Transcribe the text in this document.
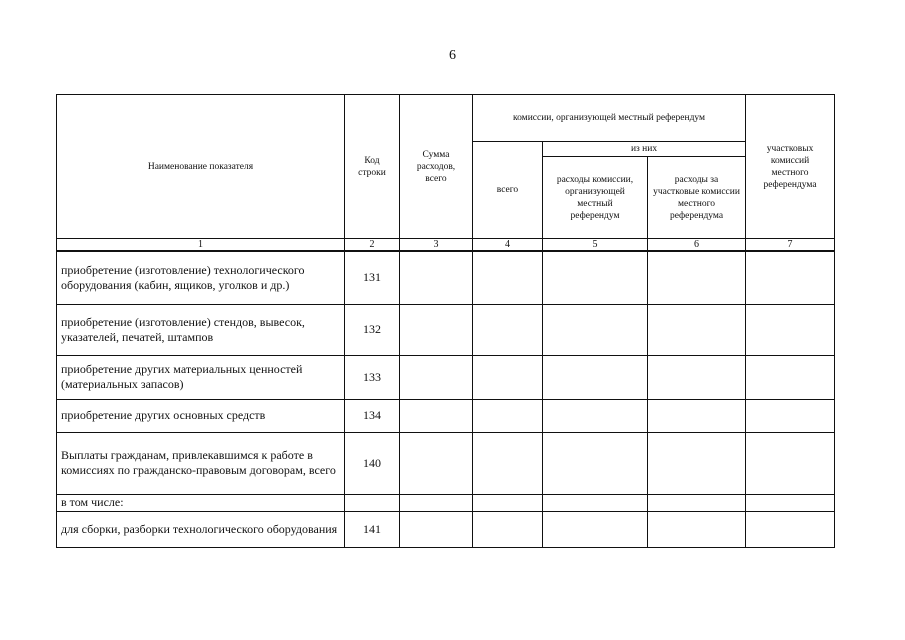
6
Наименование показателя	Код строки	Сумма расходов, всего	комиссии, организующей местный референдум			участковых комиссий местного референдума
			всего	из них		
				расходы комиссии, организующей местный референдум	расходы за участковые комиссии местного референдума	
1	2	3	4	5	6	7
приобретение (изготовление) технологического оборудования (кабин, ящиков, уголков и др.)	131					
приобретение (изготовление) стендов, вывесок, указателей, печатей, штампов	132					
приобретение других материальных ценностей (материальных запасов)	133					
приобретение других основных средств	134					
Выплаты гражданам, привлекавшимся к работе в комиссиях по гражданско-правовым договорам, всего	140					
в том числе:						
для сборки, разборки технологического оборудования	141					
